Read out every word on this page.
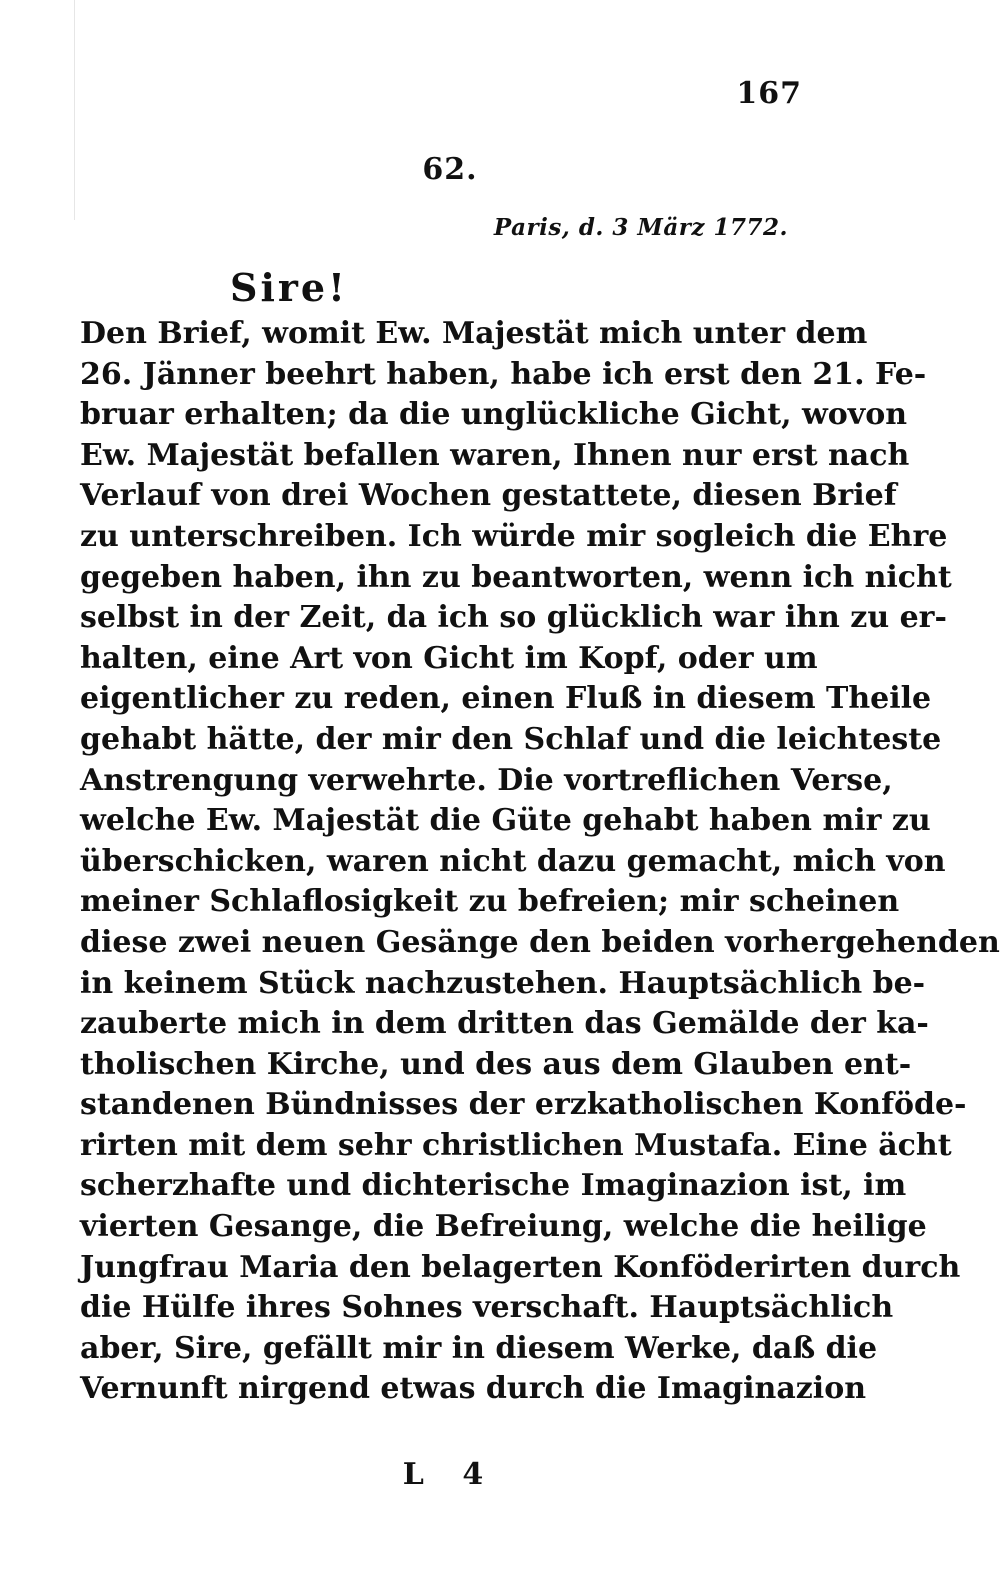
167
62.
Paris, d. 3 März 1772.
Sire!
Den Brief, womit Ew. Majestät mich unter dem
26. Jänner beehrt haben, habe ich erst den 21. Fe-
bruar erhalten; da die unglückliche Gicht, wovon
Ew. Majestät befallen waren, Ihnen nur erst nach
Verlauf von drei Wochen gestattete, diesen Brief
zu unterschreiben. Ich würde mir sogleich die Ehre
gegeben haben, ihn zu beantworten, wenn ich nicht
selbst in der Zeit, da ich so glücklich war ihn zu er-
halten, eine Art von Gicht im Kopf, oder um
eigentlicher zu reden, einen Fluß in diesem Theile
gehabt hätte, der mir den Schlaf und die leichteste
Anstrengung verwehrte. Die vortreflichen Verse,
welche Ew. Majestät die Güte gehabt haben mir zu
überschicken, waren nicht dazu gemacht, mich von
meiner Schlaflosigkeit zu befreien; mir scheinen
diese zwei neuen Gesänge den beiden vorhergehenden
in keinem Stück nachzustehen. Hauptsächlich be-
zauberte mich in dem dritten das Gemälde der ka-
tholischen Kirche, und des aus dem Glauben ent-
standenen Bündnisses der erzkatholischen Konföde-
rirten mit dem sehr christlichen Mustafa. Eine ächt
scherzhafte und dichterische Imaginazion ist, im
vierten Gesange, die Befreiung, welche die heilige
Jungfrau Maria den belagerten Konföderirten durch
die Hülfe ihres Sohnes verschaft. Hauptsächlich
aber, Sire, gefällt mir in diesem Werke, daß die
Vernunft nirgend etwas durch die Imaginazion
L 4
